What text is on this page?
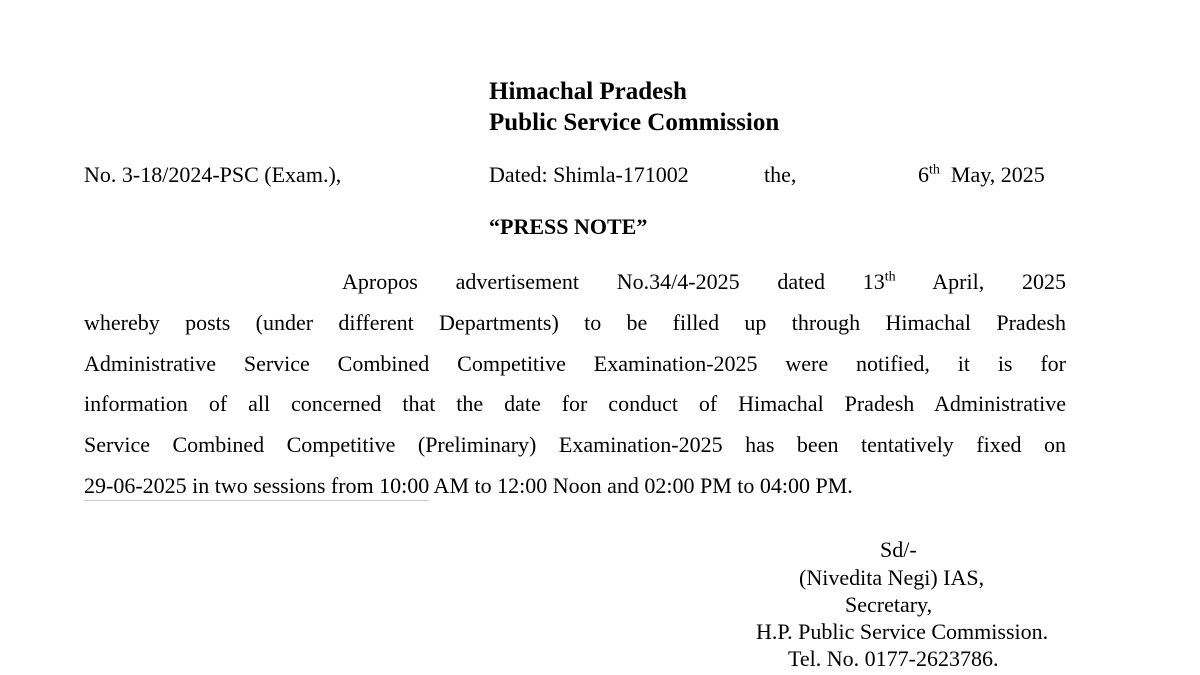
Himachal Pradesh
Public Service Commission
No. 3-18/2024-PSC (Exam.),	Dated: Shimla-171002	the,	6th May, 2025
“PRESS NOTE”
Apropos advertisement No.34/4-2025 dated 13th April, 2025
whereby posts (under different Departments) to be filled up through Himachal Pradesh
Administrative Service Combined Competitive Examination-2025 were notified, it is for
information of all concerned that the date for conduct of Himachal Pradesh Administrative
Service Combined Competitive (Preliminary) Examination-2025 has been tentatively fixed on
29-06-2025 in two sessions from 10:00 AM to 12:00 Noon and 02:00 PM to 04:00 PM.
Sd/-
(Nivedita Negi) IAS,
Secretary,
H.P. Public Service Commission.
Tel. No. 0177-2623786.
